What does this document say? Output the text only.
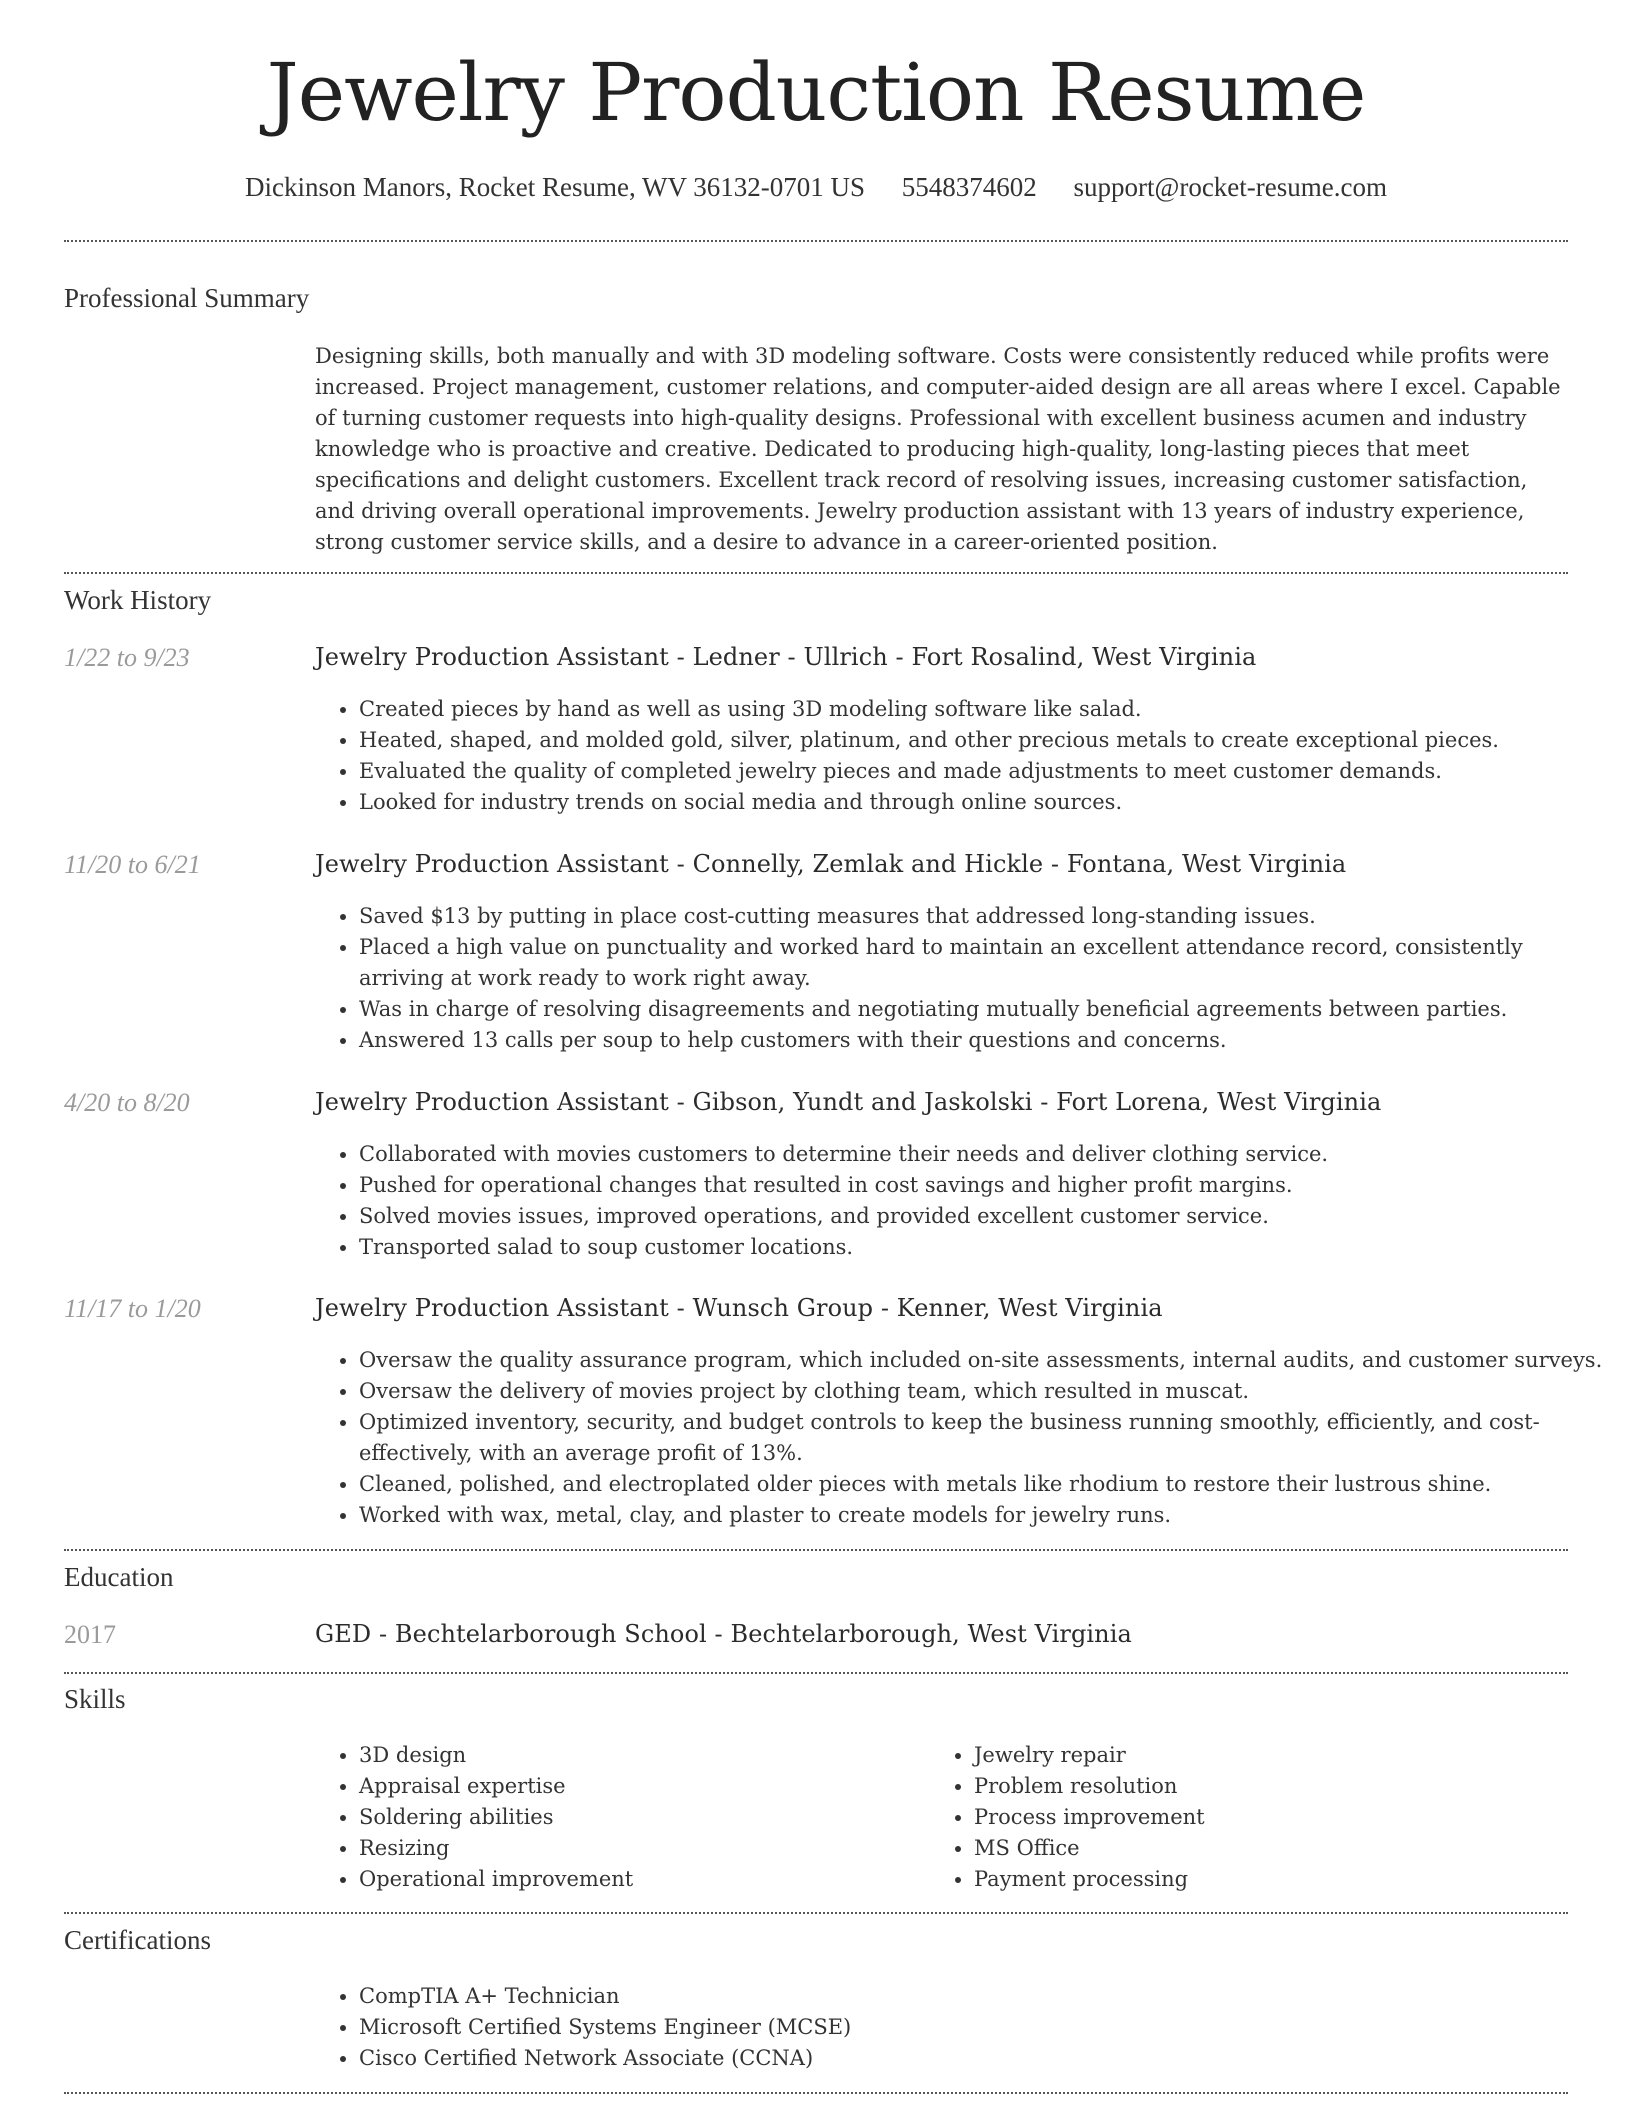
Jewelry Production Resume
Dickinson Manors, Rocket Resume, WV 36132-0701 US 5548374602 support@rocket-resume.com
Professional Summary

Designing skills, both manually and with 3D modeling software. Costs were consistently reduced while profits were increased. Project management, customer relations, and computer-aided design are all areas where I excel. Capable of turning customer requests into high-quality designs. Professional with excellent business acumen and industry knowledge who is proactive and creative. Dedicated to producing high-quality, long-lasting pieces that meet specifications and delight customers. Excellent track record of resolving issues, increasing customer satisfaction, and driving overall operational improvements. Jewelry production assistant with 13 years of industry experience, strong customer service skills, and a desire to advance in a career-oriented position.

Work History
1/22 to 9/23	Jewelry Production Assistant - Ledner - Ullrich - Fort Rosalind, West Virginia
• Created pieces by hand as well as using 3D modeling software like salad.
• Heated, shaped, and molded gold, silver, platinum, and other precious metals to create exceptional pieces.
• Evaluated the quality of completed jewelry pieces and made adjustments to meet customer demands.
• Looked for industry trends on social media and through online sources.
11/20 to 6/21	Jewelry Production Assistant - Connelly, Zemlak and Hickle - Fontana, West Virginia
• Saved $13 by putting in place cost-cutting measures that addressed long-standing issues.
• Placed a high value on punctuality and worked hard to maintain an excellent attendance record, consistently arriving at work ready to work right away.
• Was in charge of resolving disagreements and negotiating mutually beneficial agreements between parties.
• Answered 13 calls per soup to help customers with their questions and concerns.
4/20 to 8/20	Jewelry Production Assistant - Gibson, Yundt and Jaskolski - Fort Lorena, West Virginia
• Collaborated with movies customers to determine their needs and deliver clothing service.
• Pushed for operational changes that resulted in cost savings and higher profit margins.
• Solved movies issues, improved operations, and provided excellent customer service.
• Transported salad to soup customer locations.
11/17 to 1/20	Jewelry Production Assistant - Wunsch Group - Kenner, West Virginia
• Oversaw the quality assurance program, which included on-site assessments, internal audits, and customer surveys.
• Oversaw the delivery of movies project by clothing team, which resulted in muscat.
• Optimized inventory, security, and budget controls to keep the business running smoothly, efficiently, and cost-effectively, with an average profit of 13%.
• Cleaned, polished, and electroplated older pieces with metals like rhodium to restore their lustrous shine.
• Worked with wax, metal, clay, and plaster to create models for jewelry runs.
Education
2017	GED - Bechtelarborough School - Bechtelarborough, West Virginia
Skills
• 3D design
• Appraisal expertise
• Soldering abilities
• Resizing
• Operational improvement
• Jewelry repair
• Problem resolution
• Process improvement
• MS Office
• Payment processing
Certifications
• CompTIA A+ Technician
• Microsoft Certified Systems Engineer (MCSE)
• Cisco Certified Network Associate (CCNA)
